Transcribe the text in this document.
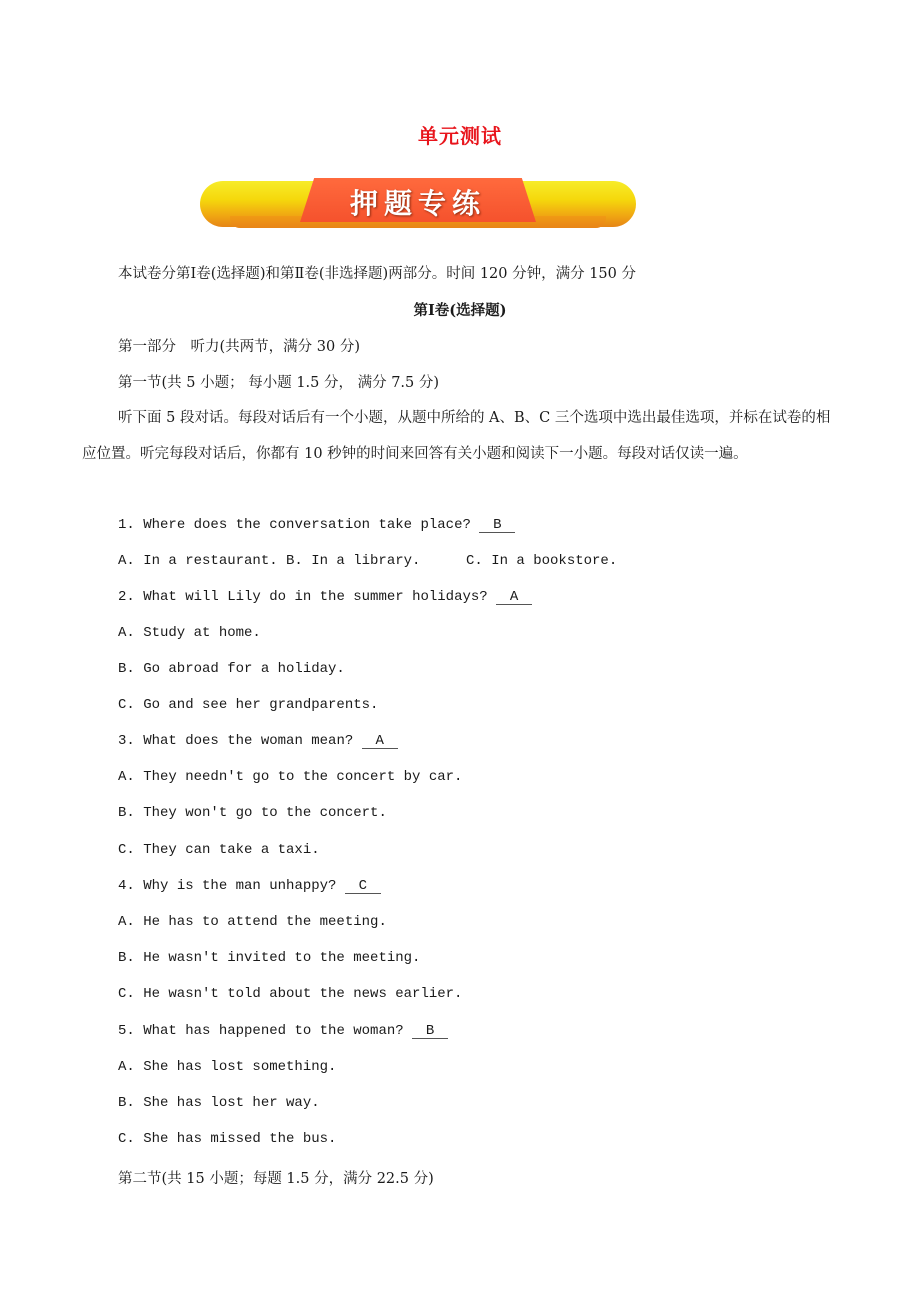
单元测试
押题专练
本试卷分第Ⅰ卷(选择题)和第Ⅱ卷(非选择题)两部分。时间 120 分钟，满分 150 分
第Ⅰ卷(选择题)
第一部分　听力(共两节，满分 30 分)
第一节(共 5 小题； 每小题 1.5 分， 满分 7.5 分)
听下面 5 段对话。每段对话后有一个小题，从题中所给的 A、B、C 三个选项中选出最佳选项，并标在试卷的相应位置。听完每段对话后，你都有 10 秒钟的时间来回答有关小题和阅读下一小题。每段对话仅读一遍。
1. Where does the conversation take place? B
A. In a restaurant. B. In a library.	C. In a bookstore.
2. What will Lily do in the summer holidays? A
A. Study at home.
B. Go abroad for a holiday.
C. Go and see her grandparents.
3. What does the woman mean? A
A. They needn't go to the concert by car.
B. They won't go to the concert.
C. They can take a taxi.
4. Why is the man unhappy? C
A. He has to attend the meeting.
B. He wasn't invited to the meeting.
C. He wasn't told about the news earlier.
5. What has happened to the woman? B
A. She has lost something.
B. She has lost her way.
C. She has missed the bus.
第二节(共 15 小题；每题 1.5 分，满分 22.5 分)
